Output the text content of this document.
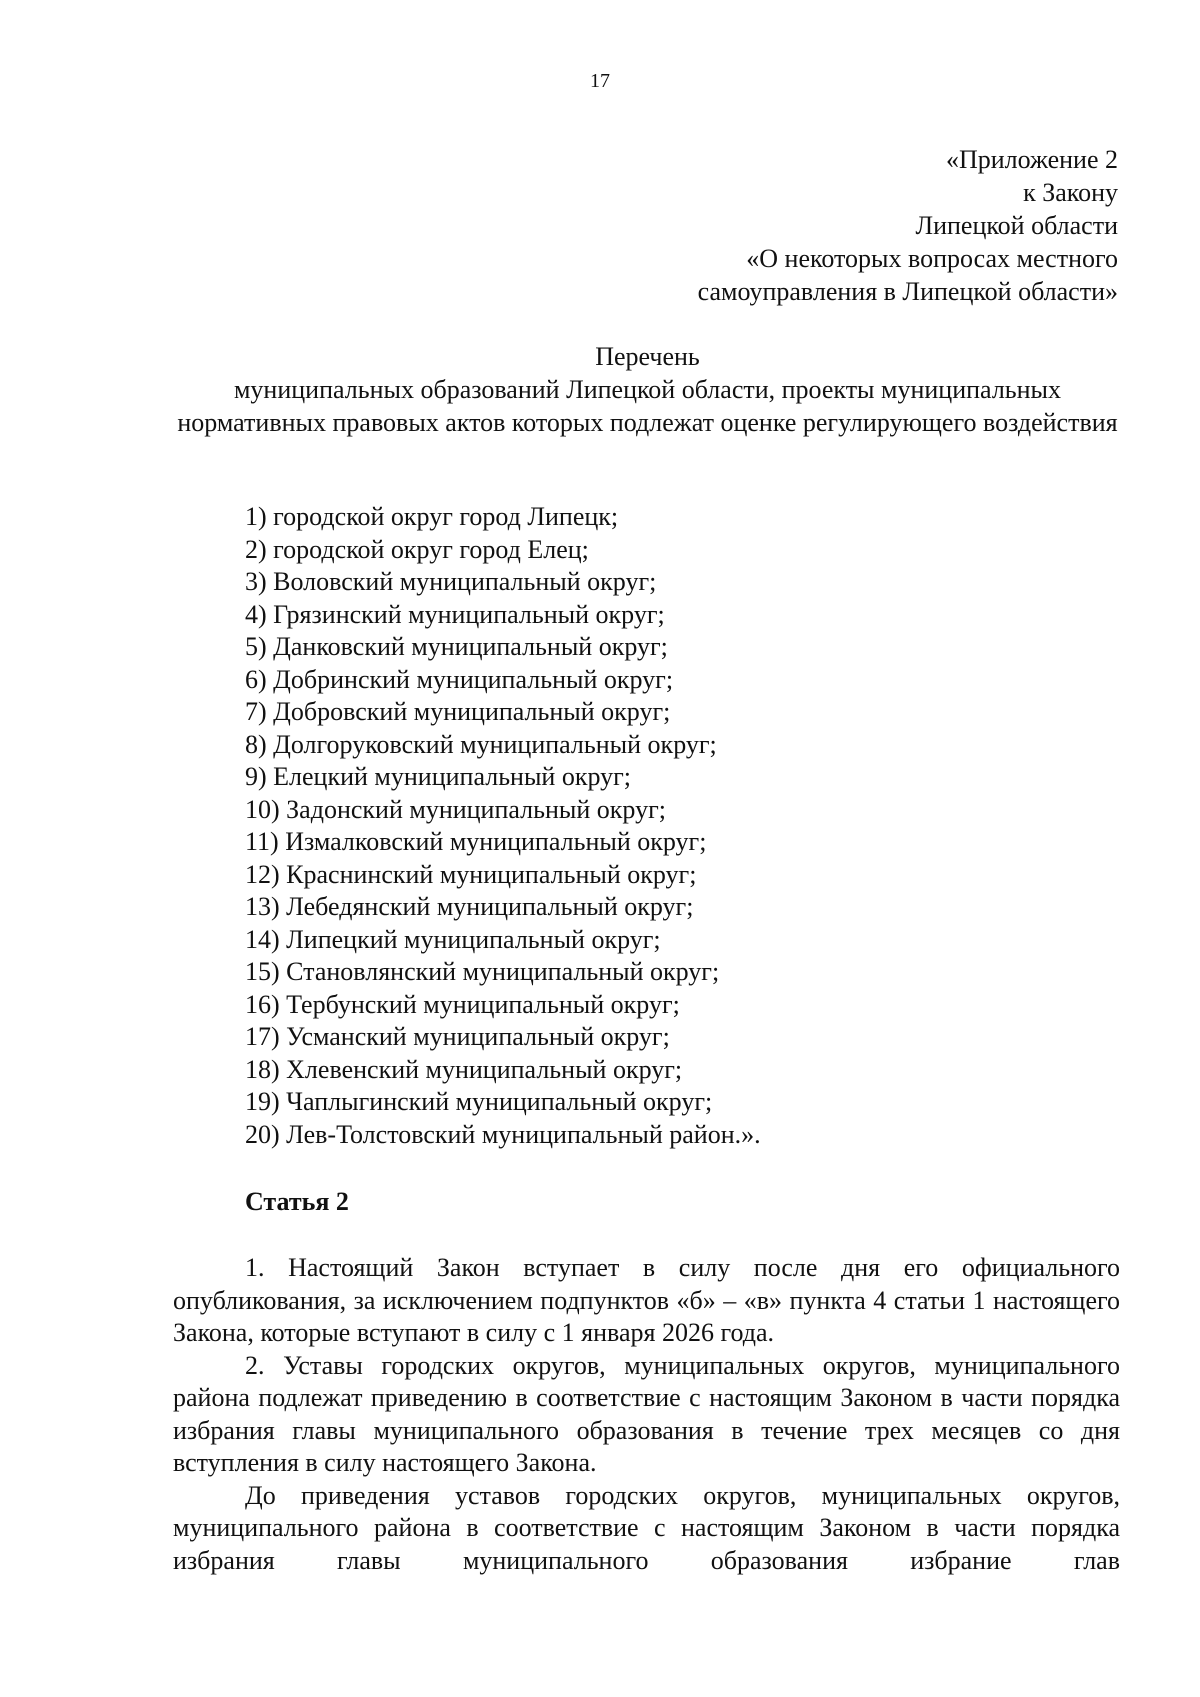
17
«Приложение 2
к Закону
Липецкой области
«О некоторых вопросах местного
самоуправления в Липецкой области»
Перечень
муниципальных образований Липецкой области, проекты муниципальных нормативных правовых актов которых подлежат оценке регулирующего воздействия
1) городской округ город Липецк;
2) городской округ город Елец;
3) Воловский муниципальный округ;
4) Грязинский муниципальный округ;
5) Данковский муниципальный округ;
6) Добринский муниципальный округ;
7) Добровский муниципальный округ;
8) Долгоруковский муниципальный округ;
9) Елецкий муниципальный округ;
10) Задонский муниципальный округ;
11) Измалковский муниципальный округ;
12) Краснинский муниципальный округ;
13) Лебедянский муниципальный округ;
14) Липецкий муниципальный округ;
15) Становлянский муниципальный округ;
16) Тербунский муниципальный округ;
17) Усманский муниципальный округ;
18) Хлевенский муниципальный округ;
19) Чаплыгинский муниципальный округ;
20) Лев-Толстовский муниципальный район.».
Статья 2

1. Настоящий Закон вступает в силу после дня его официального опубликования, за исключением подпунктов «б» – «в» пункта 4 статьи 1 настоящего Закона, которые вступают в силу с 1 января 2026 года.

2. Уставы городских округов, муниципальных округов, муниципального района подлежат приведению в соответствие с настоящим Законом в части порядка избрания главы муниципального образования в течение трех месяцев со дня вступления в силу настоящего Закона.

До приведения уставов городских округов, муниципальных округов, муниципального района в соответствие с настоящим Законом в части порядка избрания главы муниципального образования избрание глав
